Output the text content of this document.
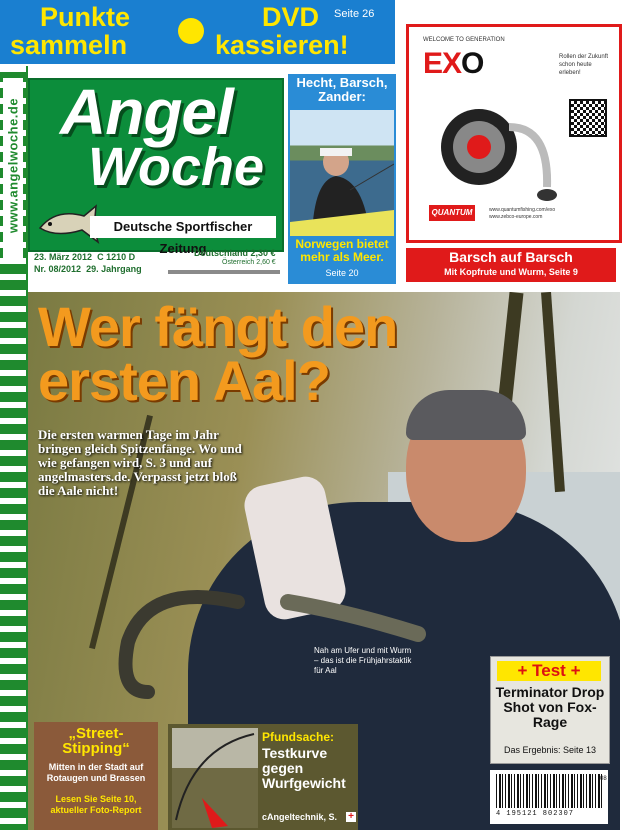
Punkte	DVD
sammeln	kassieren!
Seite 26
www.angelwoche.de Angel
Woche
Deutsche Sportfischer Zeitung
23. März 2012 C 1210 D
Nr. 08/2012 29. Jahrgang
Deutschland 2,30 €
Österreich 2,60 €
Hecht, Barsch, Zander:
Norwegen bietet mehr als Meer.
Seite 20
WELCOME TO GENERATION
EXO	Rollen der Zukunft schon heute erleben!
QUANTUM	www.quantumfishing.com/exo
www.zebco-europe.com
Barsch auf Barsch
Mit Kopfrute und Wurm, Seite 9
Wer fängt den
ersten Aal?
Die ersten warmen Tage im Jahr bringen gleich Spitzenfänge. Wo und wie gefangen wird, S. 3 und auf angelmasters.de. Verpasst jetzt bloß die Aale nicht!
Nah am Ufer und mit Wurm – das ist die Frühjahrstaktik für Aal	+ Test +
Terminator Drop Shot von Fox-Rage
Das Ergebnis: Seite 13
4 195121 802307
08
„Street-Stipping“
Mitten in der Stadt auf Rotaugen und Brassen
Lesen Sie Seite 10, aktueller Foto-Report
Pfundsache:
Testkurve gegen Wurfgewicht
cAngeltechnik, S. +
